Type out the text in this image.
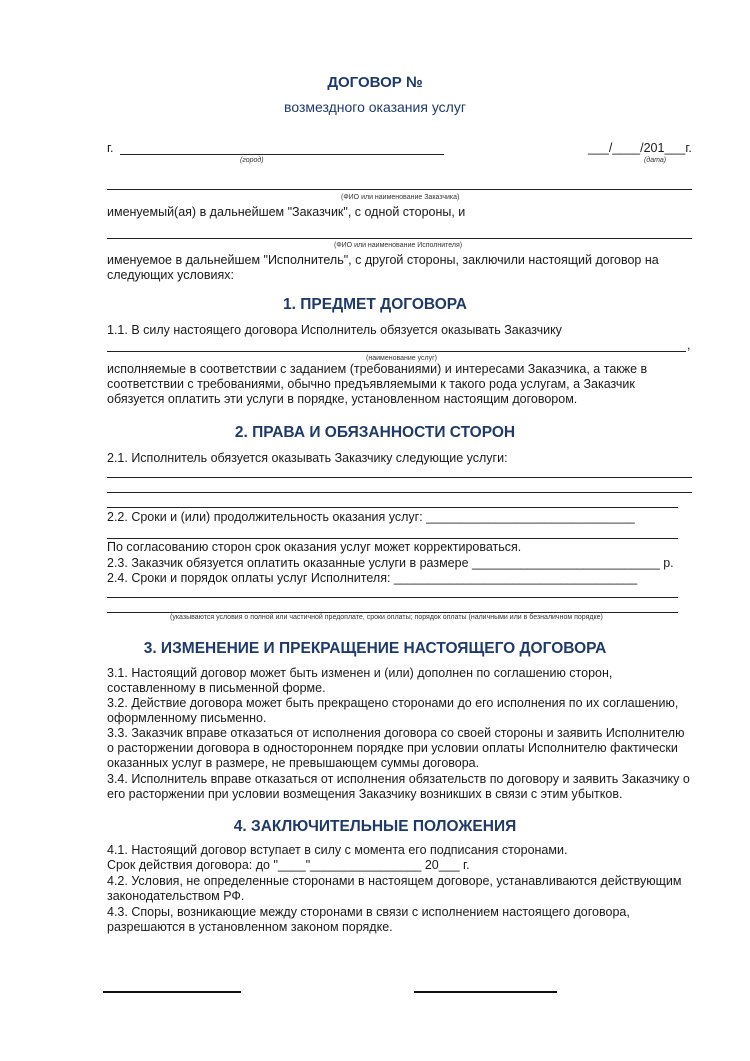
ДОГОВОР №
возмездного оказания услуг
г.
(город)
___/____/201___г.
(дата)
(ФИО или наименование Заказчика)
именуемый(ая) в дальнейшем "Заказчик", с одной стороны, и
(ФИО или наименование Исполнителя)
именуемое в дальнейшем "Исполнитель", с другой стороны, заключили настоящий договор на
следующих условиях:
1. ПРЕДМЕТ ДОГОВОРА
1.1. В силу настоящего договора Исполнитель обязуется оказывать Заказчику
,
(наименование услуг)
исполняемые в соответствии с заданием (требованиями) и интересами Заказчика, а также в
соответствии с требованиями, обычно предъявляемыми к такого рода услугам, а Заказчик
обязуется оплатить эти услуги в порядке, установленном настоящим договором.
2. ПРАВА И ОБЯЗАННОСТИ СТОРОН
2.1. Исполнитель обязуется оказывать Заказчику следующие услуги:
2.2. Сроки и (или) продолжительность оказания услуг: ______________________________
По согласованию сторон срок оказания услуг может корректироваться.
2.3. Заказчик обязуется оплатить оказанные услуги в размере ___________________________ р.
2.4. Сроки и порядок оплаты услуг Исполнителя: ___________________________________
(указываются условия о полной или частичной предоплате, сроки оплаты; порядок оплаты (наличными или в безналичном порядке)
3. ИЗМЕНЕНИЕ И ПРЕКРАЩЕНИЕ НАСТОЯЩЕГО ДОГОВОРА
3.1. Настоящий договор может быть изменен и (или) дополнен по соглашению сторон,
составленному в письменной форме.
3.2. Действие договора может быть прекращено сторонами до его исполнения по их соглашению,
оформленному письменно.
3.3. Заказчик вправе отказаться от исполнения договора со своей стороны и заявить Исполнителю
о расторжении договора в одностороннем порядке при условии оплаты Исполнителю фактически
оказанных услуг в размере, не превышающем суммы договора.
3.4. Исполнитель вправе отказаться от исполнения обязательств по договору и заявить Заказчику о
его расторжении при условии возмещения Заказчику возникших в связи с этим убытков.
4. ЗАКЛЮЧИТЕЛЬНЫЕ ПОЛОЖЕНИЯ
4.1. Настоящий договор вступает в силу с момента его подписания сторонами.
Срок действия договора: до "____"________________ 20___ г.
4.2. Условия, не определенные сторонами в настоящем договоре, устанавливаются действующим
законодательством РФ.
4.3. Споры, возникающие между сторонами в связи с исполнением настоящего договора,
разрешаются в установленном законом порядке.
